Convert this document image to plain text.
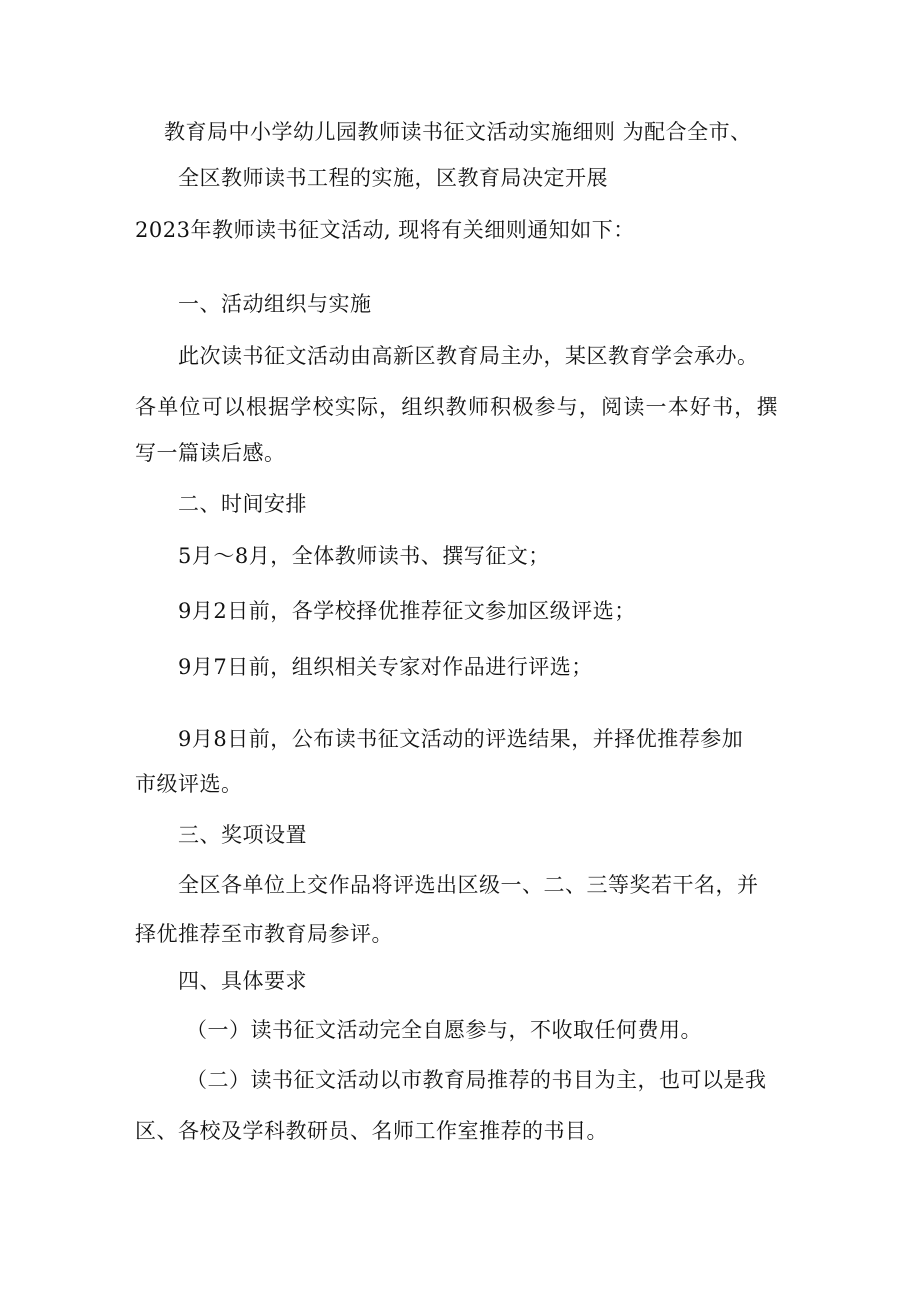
教育局中小学幼儿园教师读书征文活动实施细则 为配合全市、

全区教师读书工程的实施，区教育局决定开展

2023年教师读书征文活动, 现将有关细则通知如下：

一、活动组织与实施

此次读书征文活动由高新区教育局主办，某区教育学会承办。

各单位可以根据学校实际，组织教师积极参与，阅读一本好书，撰

写一篇读后感。

二、时间安排

5月～8月，全体教师读书、撰写征文；

9月2日前，各学校择优推荐征文参加区级评选；

9月7日前，组织相关专家对作品进行评选；

9月8日前，公布读书征文活动的评选结果，并择优推荐参加

市级评选。

三、奖项设置

全区各单位上交作品将评选出区级一、二、三等奖若干名，并

择优推荐至市教育局参评。

四、具体要求

（一）读书征文活动完全自愿参与，不收取任何费用。

（二）读书征文活动以市教育局推荐的书目为主，也可以是我

区、各校及学科教研员、名师工作室推荐的书目。
